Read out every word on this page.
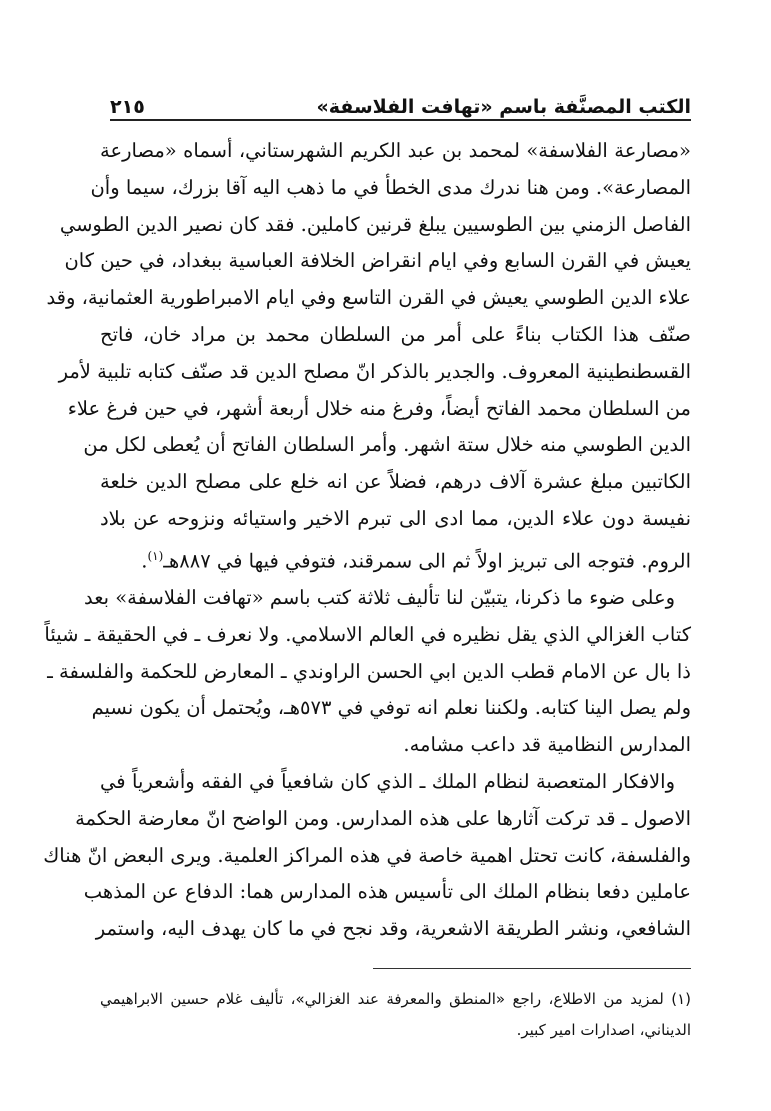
الكتب المصنَّفة باسم «تهافت الفلاسفة»
٢١٥

«مصارعة الفلاسفة» لمحمد بن عبد الكريم الشهرستاني، أسماه «مصارعة
المصارعة». ومن هنا ندرك مدى الخطأ في ما ذهب اليه آقا بزرك، سيما وأن
الفاصل الزمني بين الطوسيين يبلغ قرنين كاملين. فقد كان نصير الدين الطوسي
يعيش في القرن السابع وفي ايام انقراض الخلافة العباسية ببغداد، في حين كان
علاء الدين الطوسي يعيش في القرن التاسع وفي ايام الامبراطورية العثمانية، وقد
صنّف هذا الكتاب بناءً على أمر من السلطان محمد بن مراد خان، فاتح
القسطنطينية المعروف. والجدير بالذكر انّ مصلح الدين قد صنّف كتابه تلبية لأمر
من السلطان محمد الفاتح أيضاً، وفرغ منه خلال أربعة أشهر، في حين فرغ علاء
الدين الطوسي منه خلال ستة اشهر. وأمر السلطان الفاتح أن يُعطى لكل من
الكاتبين مبلغ عشرة آلاف درهم، فضلاً عن انه خلع على مصلح الدين خلعة
نفيسة دون علاء الدين، مما ادى الى تبرم الاخير واستيائه ونزوحه عن بلاد
الروم. فتوجه الى تبريز اولاً ثم الى سمرقند، فتوفي فيها في ٨٨٧هـ$^{(١)}$.

وعلى ضوء ما ذكرنا، يتبيّن لنا تأليف ثلاثة كتب باسم «تهافت الفلاسفة» بعد
كتاب الغزالي الذي يقل نظيره في العالم الاسلامي. ولا نعرف ـ في الحقيقة ـ شيئاً
ذا بال عن الامام قطب الدين ابي الحسن الراوندي ـ المعارض للحكمة والفلسفة ـ
ولم يصل الينا كتابه. ولكننا نعلم انه توفي في ٥٧٣هـ، ويُحتمل أن يكون نسيم
المدارس النظامية قد داعب مشامه.

والافكار المتعصبة لنظام الملك ـ الذي كان شافعياً في الفقه وأشعرياً في
الاصول ـ قد تركت آثارها على هذه المدارس. ومن الواضح انّ معارضة الحكمة
والفلسفة، كانت تحتل اهمية خاصة في هذه المراكز العلمية. ويرى البعض انّ هناك
عاملين دفعا بنظام الملك الى تأسيس هذه المدارس هما: الدفاع عن المذهب
الشافعي، ونشر الطريقة الاشعرية، وقد نجح في ما كان يهدف اليه، واستمر

(١) لمزيد من الاطلاع، راجع «المنطق والمعرفة عند الغزالي»، تأليف غلام حسين الابراهيمي
الديناني، اصدارات امير كبير.
